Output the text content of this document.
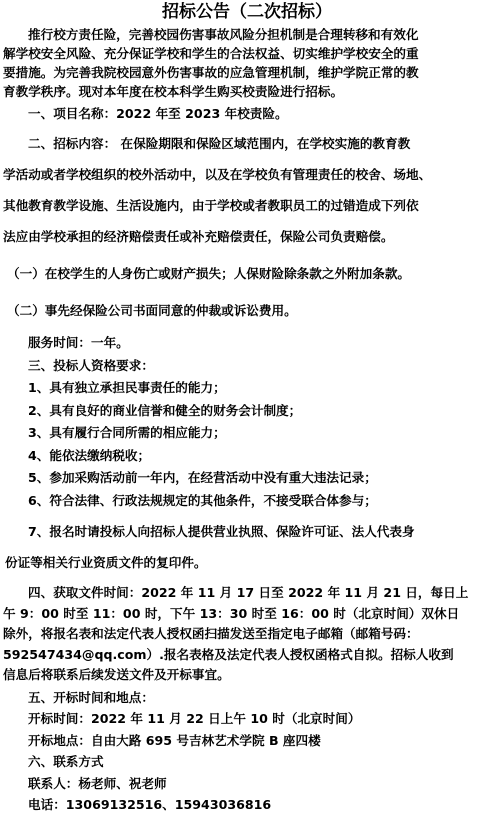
招标公告（二次招标）

推行校方责任险，完善校园伤害事故风险分担机制是合理转移和有效化

解学校安全风险、充分保证学校和学生的合法权益、切实维护学校安全的重

要措施。为完善我院校园意外伤害事故的应急管理机制，维护学院正常的教

育教学秩序。现对本年度在校本科学生购买校责险进行招标。

一、项目名称：2022 年至 2023 年校责险。

二、招标内容： 在保险期限和保险区域范围内，在学校实施的教育教

学活动或者学校组织的校外活动中，以及在学校负有管理责任的校舍、场地、

其他教育教学设施、生活设施内，由于学校或者教职员工的过错造成下列依

法应由学校承担的经济赔偿责任或补充赔偿责任，保险公司负责赔偿。

（一）在校学生的人身伤亡或财产损失；人保财险除条款之外附加条款。

（二）事先经保险公司书面同意的仲裁或诉讼费用。

服务时间：一年。

三、投标人资格要求：

1、具有独立承担民事责任的能力；

2、具有良好的商业信誉和健全的财务会计制度；

3、具有履行合同所需的相应能力；

4、能依法缴纳税收；

5、参加采购活动前一年内，在经营活动中没有重大违法记录；

6、符合法律、行政法规规定的其他条件，不接受联合体参与；

7、报名时请投标人向招标人提供营业执照、保险许可证、法人代表身

份证等相关行业资质文件的复印件。

四、获取文件时间：2022 年 11 月 17 日至 2022 年 11 月 21 日，每日上

午 9：00 时至 11：00 时，下午 13：30 时至 16：00 时（北京时间）双休日

除外，将报名表和法定代表人授权函扫描发送至指定电子邮箱（邮箱号码：

592547434@qq.com）.报名表格及法定代表人授权函格式自拟。招标人收到

信息后将联系后续发送文件及开标事宜。

五、开标时间和地点：

开标时间：2022 年 11 月 22 日上午 10 时（北京时间）

开标地点：自由大路 695 号吉林艺术学院 B 座四楼

六、联系方式

联系人：杨老师、祝老师

电话：13069132516、15943036816
